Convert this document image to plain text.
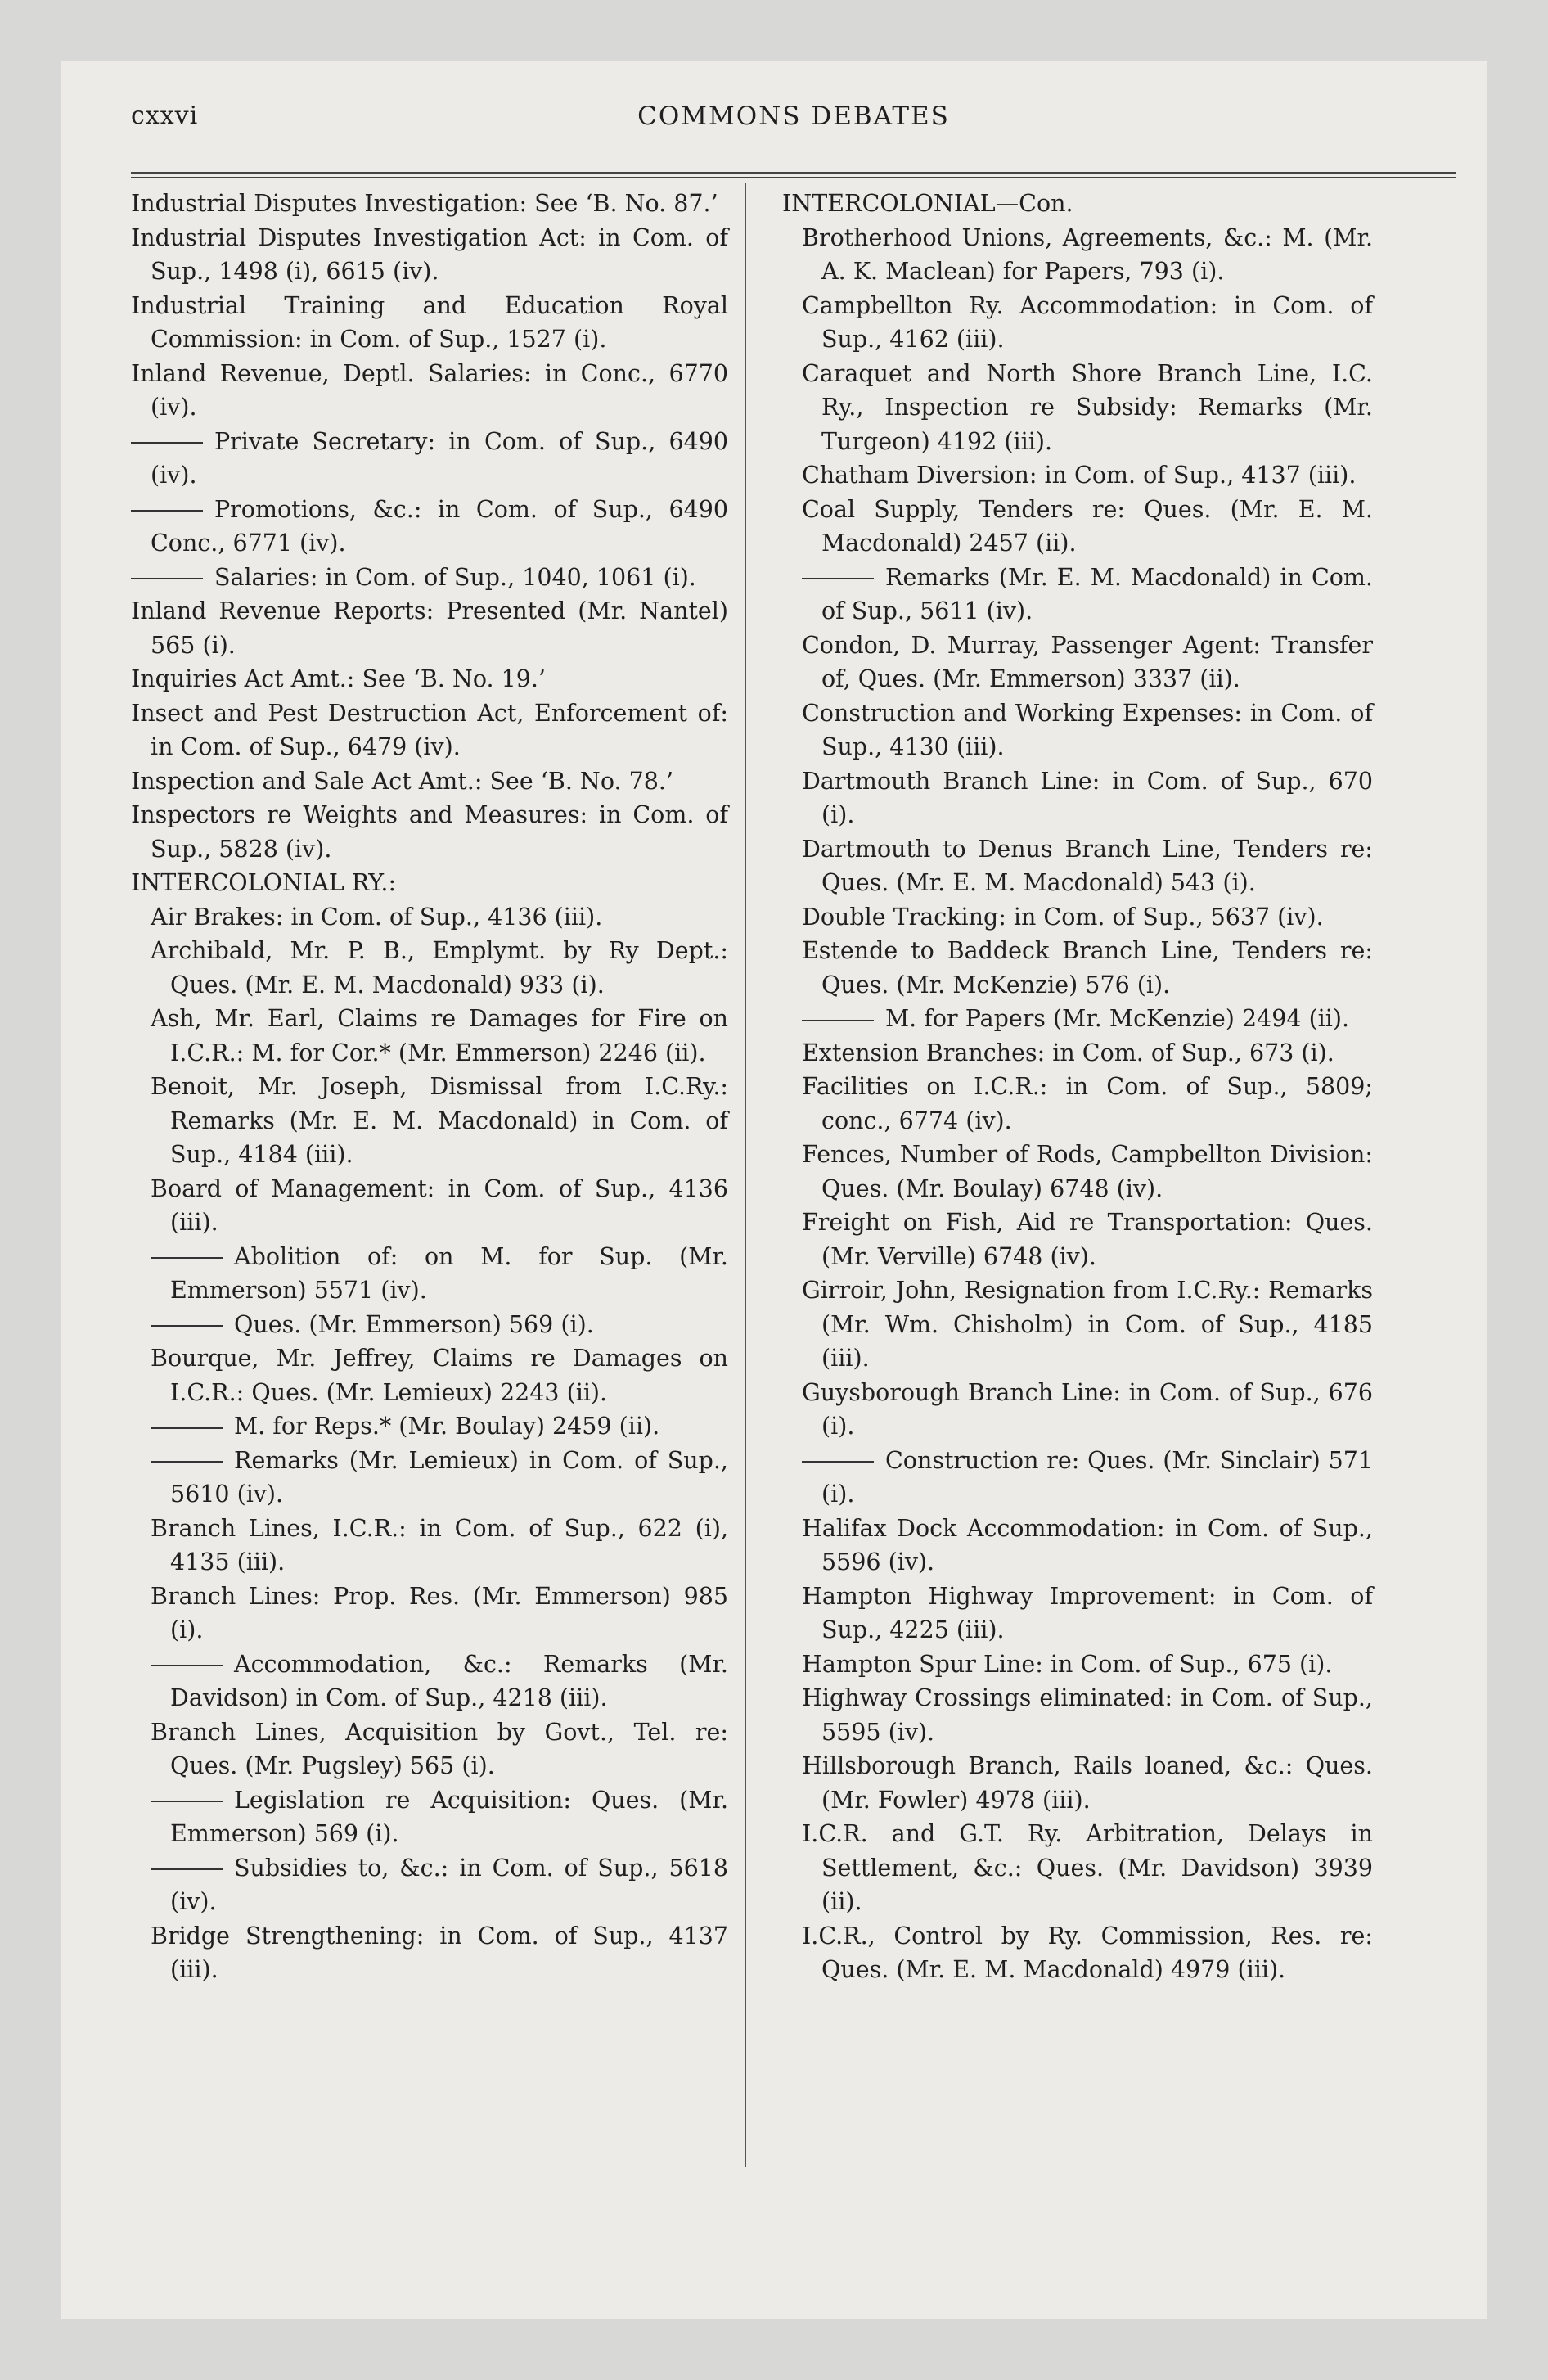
cxxvi	COMMONS DEBATES

Industrial Disputes Investigation: See ‘B. No. 87.’

Industrial Disputes Investigation Act: in Com. of Sup., 1498 (i), 6615 (iv).

Industrial Training and Education Royal Commission: in Com. of Sup., 1527 (i).

Inland Revenue, Deptl. Salaries: in Conc., 6770 (iv).

Private Secretary: in Com. of Sup., 6490 (iv).

Promotions, &c.: in Com. of Sup., 6490 Conc., 6771 (iv).

Salaries: in Com. of Sup., 1040, 1061 (i).

Inland Revenue Reports: Presented (Mr. Nantel) 565 (i).

Inquiries Act Amt.: See ‘B. No. 19.’

Insect and Pest Destruction Act, Enforcement of: in Com. of Sup., 6479 (iv).

Inspection and Sale Act Amt.: See ‘B. No. 78.’

Inspectors re Weights and Measures: in Com. of Sup., 5828 (iv).

INTERCOLONIAL RY.:

Air Brakes: in Com. of Sup., 4136 (iii).

Archibald, Mr. P. B., Emplymt. by Ry Dept.: Ques. (Mr. E. M. Macdonald) 933 (i).

Ash, Mr. Earl, Claims re Damages for Fire on I.C.R.: M. for Cor.* (Mr. Emmerson) 2246 (ii).

Benoit, Mr. Joseph, Dismissal from I.C.Ry.: Remarks (Mr. E. M. Macdonald) in Com. of Sup., 4184 (iii).

Board of Management: in Com. of Sup., 4136 (iii).

Abolition of: on M. for Sup. (Mr. Emmerson) 5571 (iv).

Ques. (Mr. Emmerson) 569 (i).

Bourque, Mr. Jeffrey, Claims re Damages on I.C.R.: Ques. (Mr. Lemieux) 2243 (ii).

M. for Reps.* (Mr. Boulay) 2459 (ii).

Remarks (Mr. Lemieux) in Com. of Sup., 5610 (iv).

Branch Lines, I.C.R.: in Com. of Sup., 622 (i), 4135 (iii).

Branch Lines: Prop. Res. (Mr. Emmerson) 985 (i).

Accommodation, &c.: Remarks (Mr. Davidson) in Com. of Sup., 4218 (iii).

Branch Lines, Acquisition by Govt., Tel. re: Ques. (Mr. Pugsley) 565 (i).

Legislation re Acquisition: Ques. (Mr. Emmerson) 569 (i).

Subsidies to, &c.: in Com. of Sup., 5618 (iv).

Bridge Strengthening: in Com. of Sup., 4137 (iii).

INTERCOLONIAL—Con.

Brotherhood Unions, Agreements, &c.: M. (Mr. A. K. Maclean) for Papers, 793 (i).

Campbellton Ry. Accommodation: in Com. of Sup., 4162 (iii).

Caraquet and North Shore Branch Line, I.C. Ry., Inspection re Subsidy: Remarks (Mr. Turgeon) 4192 (iii).

Chatham Diversion: in Com. of Sup., 4137 (iii).

Coal Supply, Tenders re: Ques. (Mr. E. M. Macdonald) 2457 (ii).

Remarks (Mr. E. M. Macdonald) in Com. of Sup., 5611 (iv).

Condon, D. Murray, Passenger Agent: Transfer of, Ques. (Mr. Emmerson) 3337 (ii).

Construction and Working Expenses: in Com. of Sup., 4130 (iii).

Dartmouth Branch Line: in Com. of Sup., 670 (i).

Dartmouth to Denus Branch Line, Tenders re: Ques. (Mr. E. M. Macdonald) 543 (i).

Double Tracking: in Com. of Sup., 5637 (iv).

Estende to Baddeck Branch Line, Tenders re: Ques. (Mr. McKenzie) 576 (i).

M. for Papers (Mr. McKenzie) 2494 (ii).

Extension Branches: in Com. of Sup., 673 (i).

Facilities on I.C.R.: in Com. of Sup., 5809; conc., 6774 (iv).

Fences, Number of Rods, Campbellton Division: Ques. (Mr. Boulay) 6748 (iv).

Freight on Fish, Aid re Transportation: Ques. (Mr. Verville) 6748 (iv).

Girroir, John, Resignation from I.C.Ry.: Remarks (Mr. Wm. Chisholm) in Com. of Sup., 4185 (iii).

Guysborough Branch Line: in Com. of Sup., 676 (i).

Construction re: Ques. (Mr. Sinclair) 571 (i).

Halifax Dock Accommodation: in Com. of Sup., 5596 (iv).

Hampton Highway Improvement: in Com. of Sup., 4225 (iii).

Hampton Spur Line: in Com. of Sup., 675 (i).

Highway Crossings eliminated: in Com. of Sup., 5595 (iv).

Hillsborough Branch, Rails loaned, &c.: Ques. (Mr. Fowler) 4978 (iii).

I.C.R. and G.T. Ry. Arbitration, Delays in Settlement, &c.: Ques. (Mr. Davidson) 3939 (ii).

I.C.R., Control by Ry. Commission, Res. re: Ques. (Mr. E. M. Macdonald) 4979 (iii).
